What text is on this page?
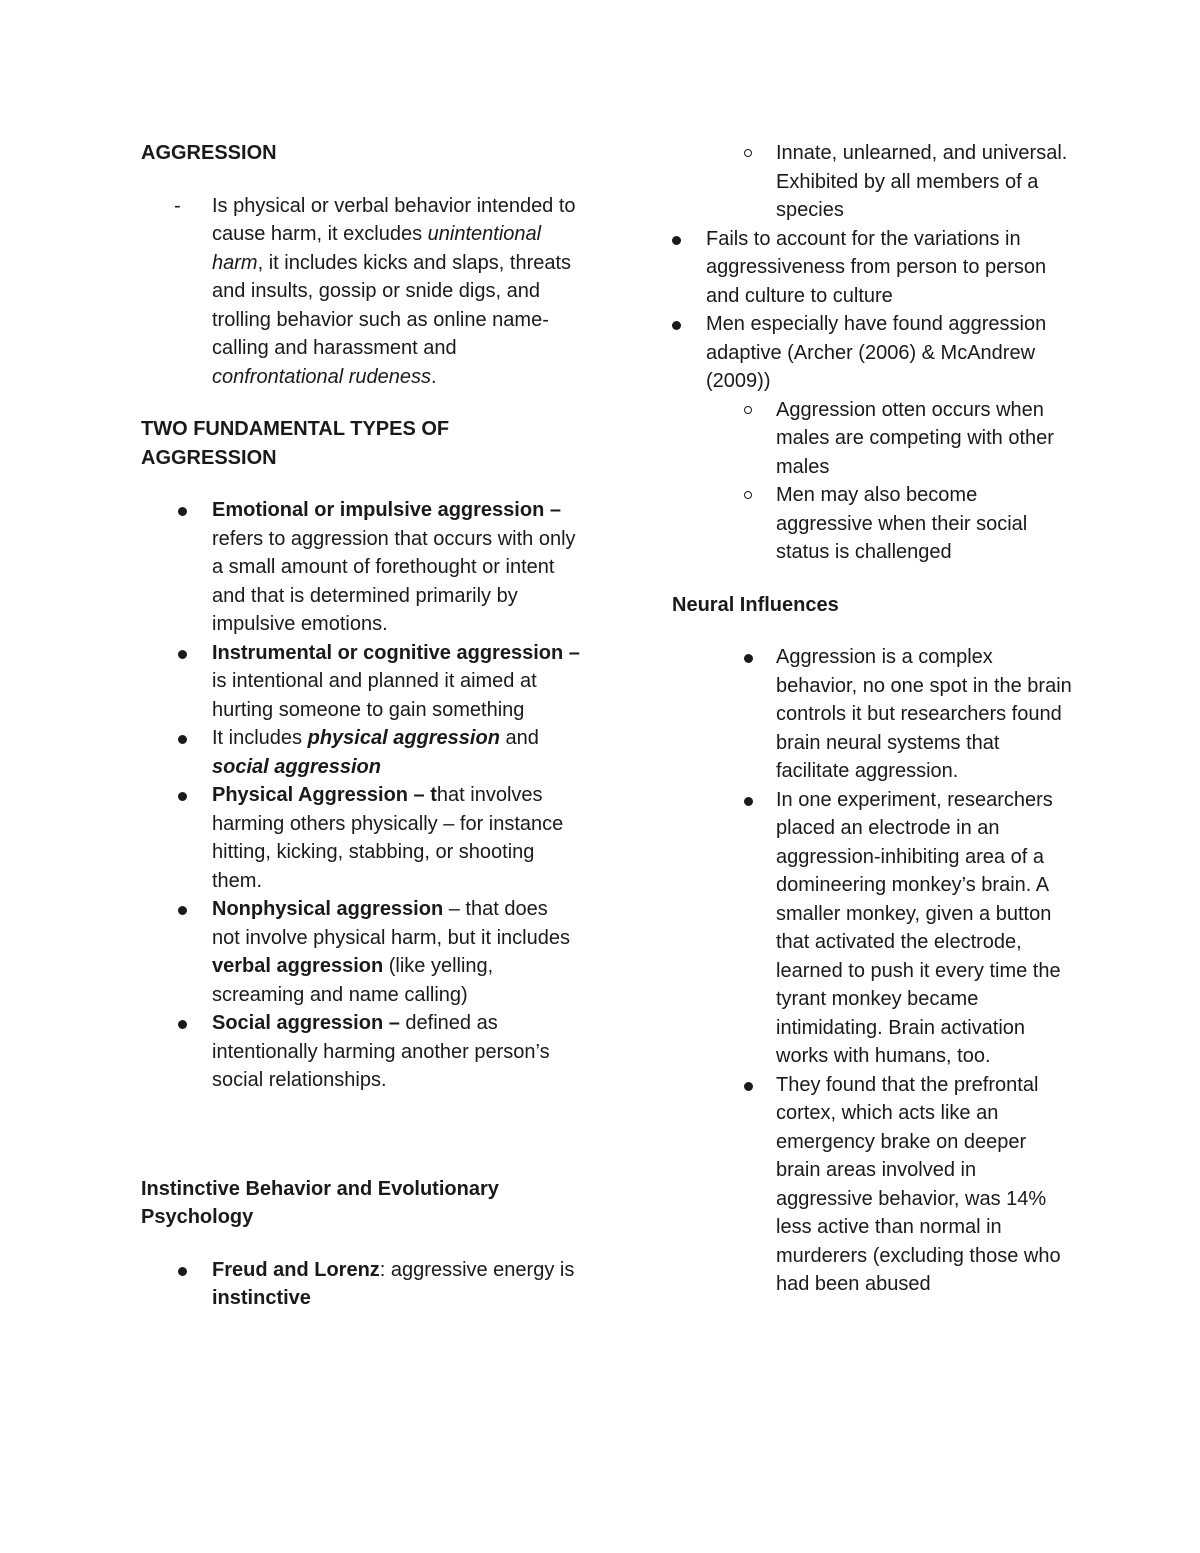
AGGRESSION

- Is physical or verbal behavior intended to cause harm, it excludes unintentional harm, it includes kicks and slaps, threats and insults, gossip or snide digs, and trolling behavior such as online name-calling and harassment and confrontational rudeness.

TWO FUNDAMENTAL TYPES OF AGGRESSION

Emotional or impulsive aggression – refers to aggression that occurs with only a small amount of forethought or intent and that is determined primarily by impulsive emotions.
Instrumental or cognitive aggression – is intentional and planned it aimed at hurting someone to gain something
It includes physical aggression and social aggression
Physical Aggression – that involves harming others physically – for instance hitting, kicking, stabbing, or shooting them.
Nonphysical aggression – that does not involve physical harm, but it includes verbal aggression (like yelling, screaming and name calling)
Social aggression – defined as intentionally harming another person’s social relationships.

Instinctive Behavior and Evolutionary Psychology

Freud and Lorenz: aggressive energy is instinctive
Innate, unlearned, and universal. Exhibited by all members of a species
Fails to account for the variations in aggressiveness from person to person and culture to culture
Men especially have found aggression adaptive (Archer (2006) & McAndrew (2009))
Aggression otten occurs when males are competing with other males
Men may also become aggressive when their social status is challenged

Neural Influences

Aggression is a complex behavior, no one spot in the brain controls it but researchers found brain neural systems that facilitate aggression.
In one experiment, researchers placed an electrode in an aggression-inhibiting area of a domineering monkey’s brain. A smaller monkey, given a button that activated the electrode, learned to push it every time the tyrant monkey became intimidating. Brain activation works with humans, too.
They found that the prefrontal cortex, which acts like an emergency brake on deeper brain areas involved in aggressive behavior, was 14% less active than normal in murderers (excluding those who had been abused
